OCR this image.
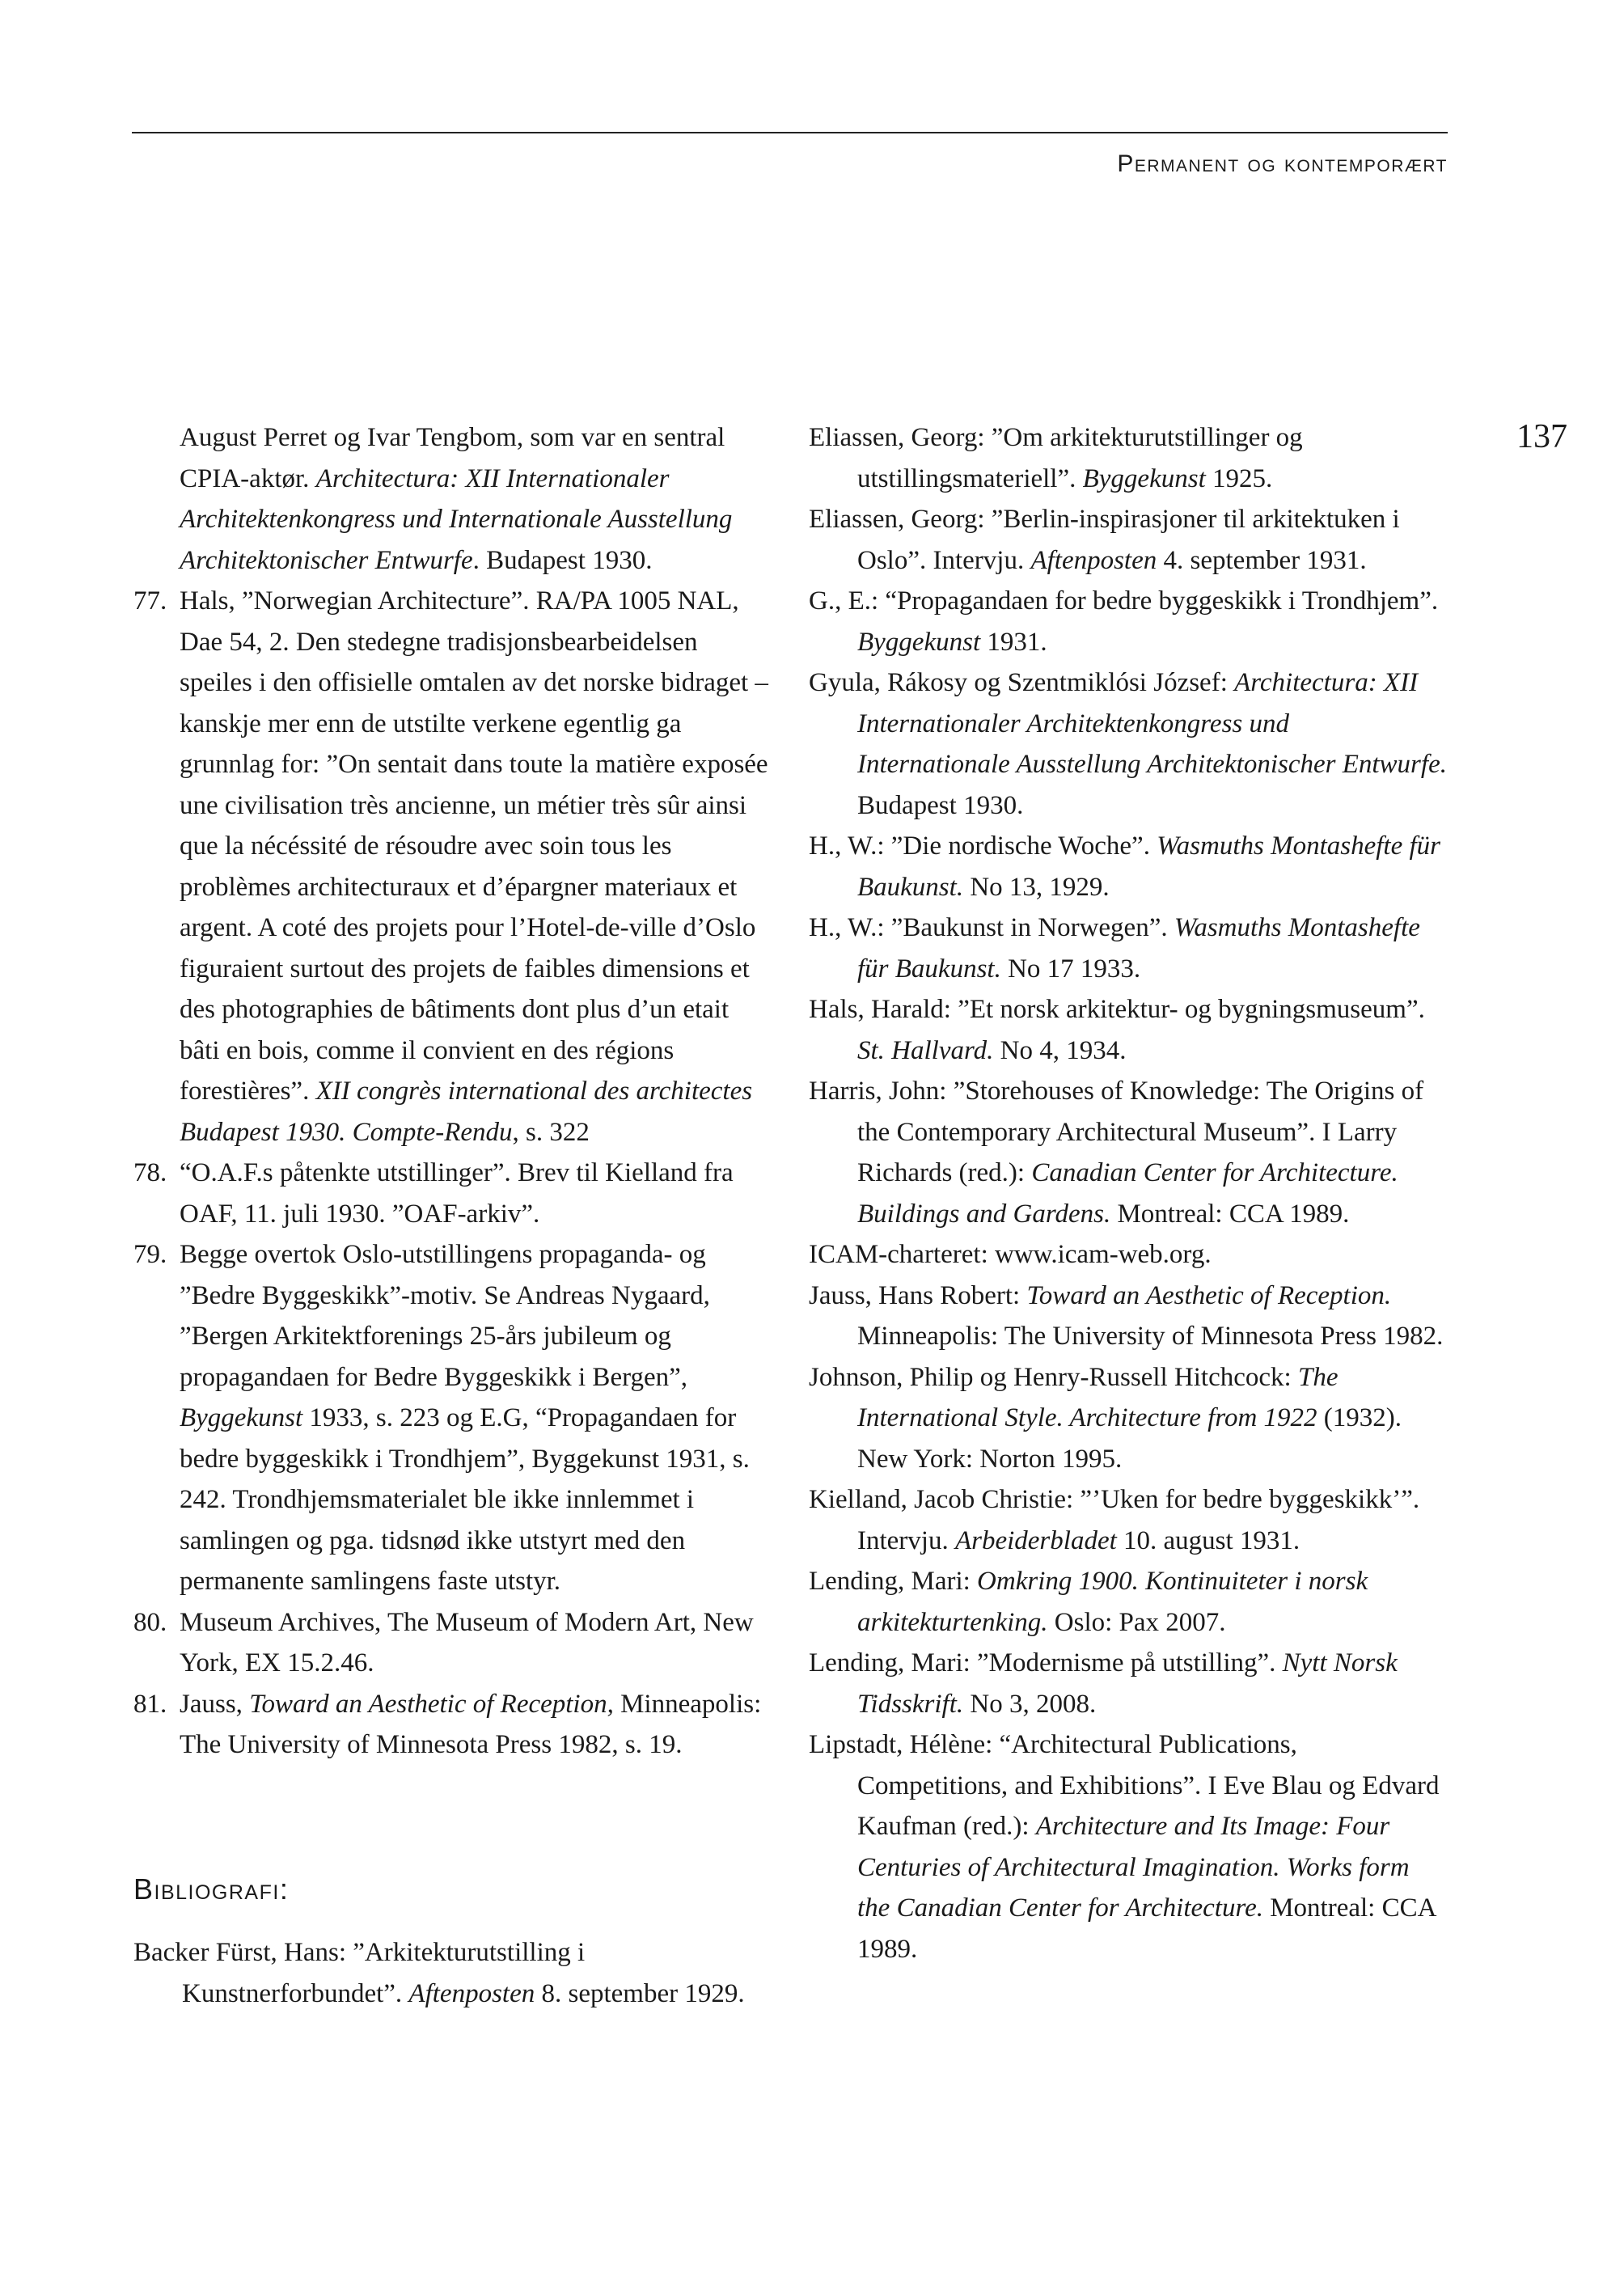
Permanent og kontemporært
137

August Perret og Ivar Tengbom, som var en sentral CPIA-aktør. Architectura: XII Internationaler Architektenkongress und Internationale Ausstellung Architektonischer Entwurfe. Budapest 1930.

77. Hals, ”Norwegian Architecture”. RA/PA 1005 NAL, Dae 54, 2. Den stedegne tradisjonsbearbeidelsen speiles i den offisielle omtalen av det norske bidraget – kanskje mer enn de utstilte verkene egentlig ga grunnlag for: ”On sentait dans toute la matière exposée une civilisation très ancienne, un métier très sûr ainsi que la nécéssité de résoudre avec soin tous les problèmes architecturaux et d’épargner materiaux et argent. A coté des projets pour l’Hotel-de-ville d’Oslo figuraient surtout des projets de faibles dimensions et des photographies de bâtiments dont plus d’un etait bâti en bois, comme il convient en des régions forestières”. XII congrès international des architectes Budapest 1930. Compte-Rendu, s. 322
78. “O.A.F.s påtenkte utstillinger”. Brev til Kielland fra OAF, 11. juli 1930. ”OAF-arkiv”.
79. Begge overtok Oslo-utstillingens propaganda- og ”Bedre Byggeskikk”-motiv. Se Andreas Nygaard, ”Bergen Arkitektforenings 25-års jubileum og propagandaen for Bedre Byggeskikk i Bergen”, Byggekunst 1933, s. 223 og E.G, “Propagandaen for bedre byggeskikk i Trondhjem”, Byggekunst 1931, s. 242. Trondhjemsmaterialet ble ikke innlemmet i samlingen og pga. tidsnød ikke utstyrt med den permanente samlingens faste utstyr.
80. Museum Archives, The Museum of Modern Art, New York, EX 15.2.46.
81. Jauss, Toward an Aesthetic of Reception, Minneapolis: The University of Minnesota Press 1982, s. 19.
Bibliografi:

Backer Fürst, Hans: ”Arkitekturutstilling i Kunstnerforbundet”. Aftenposten 8. september 1929.

Eliassen, Georg: ”Om arkitekturutstillinger og utstillingsmateriell”. Byggekunst 1925.

Eliassen, Georg: ”Berlin-inspirasjoner til arkitektuken i Oslo”. Intervju. Aftenposten 4. september 1931.

G., E.: “Propagandaen for bedre byggeskikk i Trondhjem”. Byggekunst 1931.

Gyula, Rákosy og Szentmiklósi József: Architectura: XII Internationaler Architektenkongress und Internationale Ausstellung Architektonischer Entwurfe. Budapest 1930.

H., W.: ”Die nordische Woche”. Wasmuths Montashefte für Baukunst. No 13, 1929.

H., W.: ”Baukunst in Norwegen”. Wasmuths Montashefte für Baukunst. No 17 1933.

Hals, Harald: ”Et norsk arkitektur- og bygningsmuseum”. St. Hallvard. No 4, 1934.

Harris, John: ”Storehouses of Knowledge: The Origins of the Contemporary Architectural Museum”. I Larry Richards (red.): Canadian Center for Architecture. Buildings and Gardens. Montreal: CCA 1989.

ICAM-charteret: www.icam-web.org.

Jauss, Hans Robert: Toward an Aesthetic of Reception. Minneapolis: The University of Minnesota Press 1982.

Johnson, Philip og Henry-Russell Hitchcock: The International Style. Architecture from 1922 (1932). New York: Norton 1995.

Kielland, Jacob Christie: ”’Uken for bedre byggeskikk’”. Intervju. Arbeiderbladet 10. august 1931.

Lending, Mari: Omkring 1900. Kontinuiteter i norsk arkitekturtenking. Oslo: Pax 2007.

Lending, Mari: ”Modernisme på utstilling”. Nytt Norsk Tidsskrift. No 3, 2008.

Lipstadt, Hélène: “Architectural Publications, Competitions, and Exhibitions”. I Eve Blau og Edvard Kaufman (red.): Architecture and Its Image: Four Centuries of Architectural Imagination. Works form the Canadian Center for Architecture. Montreal: CCA 1989.
